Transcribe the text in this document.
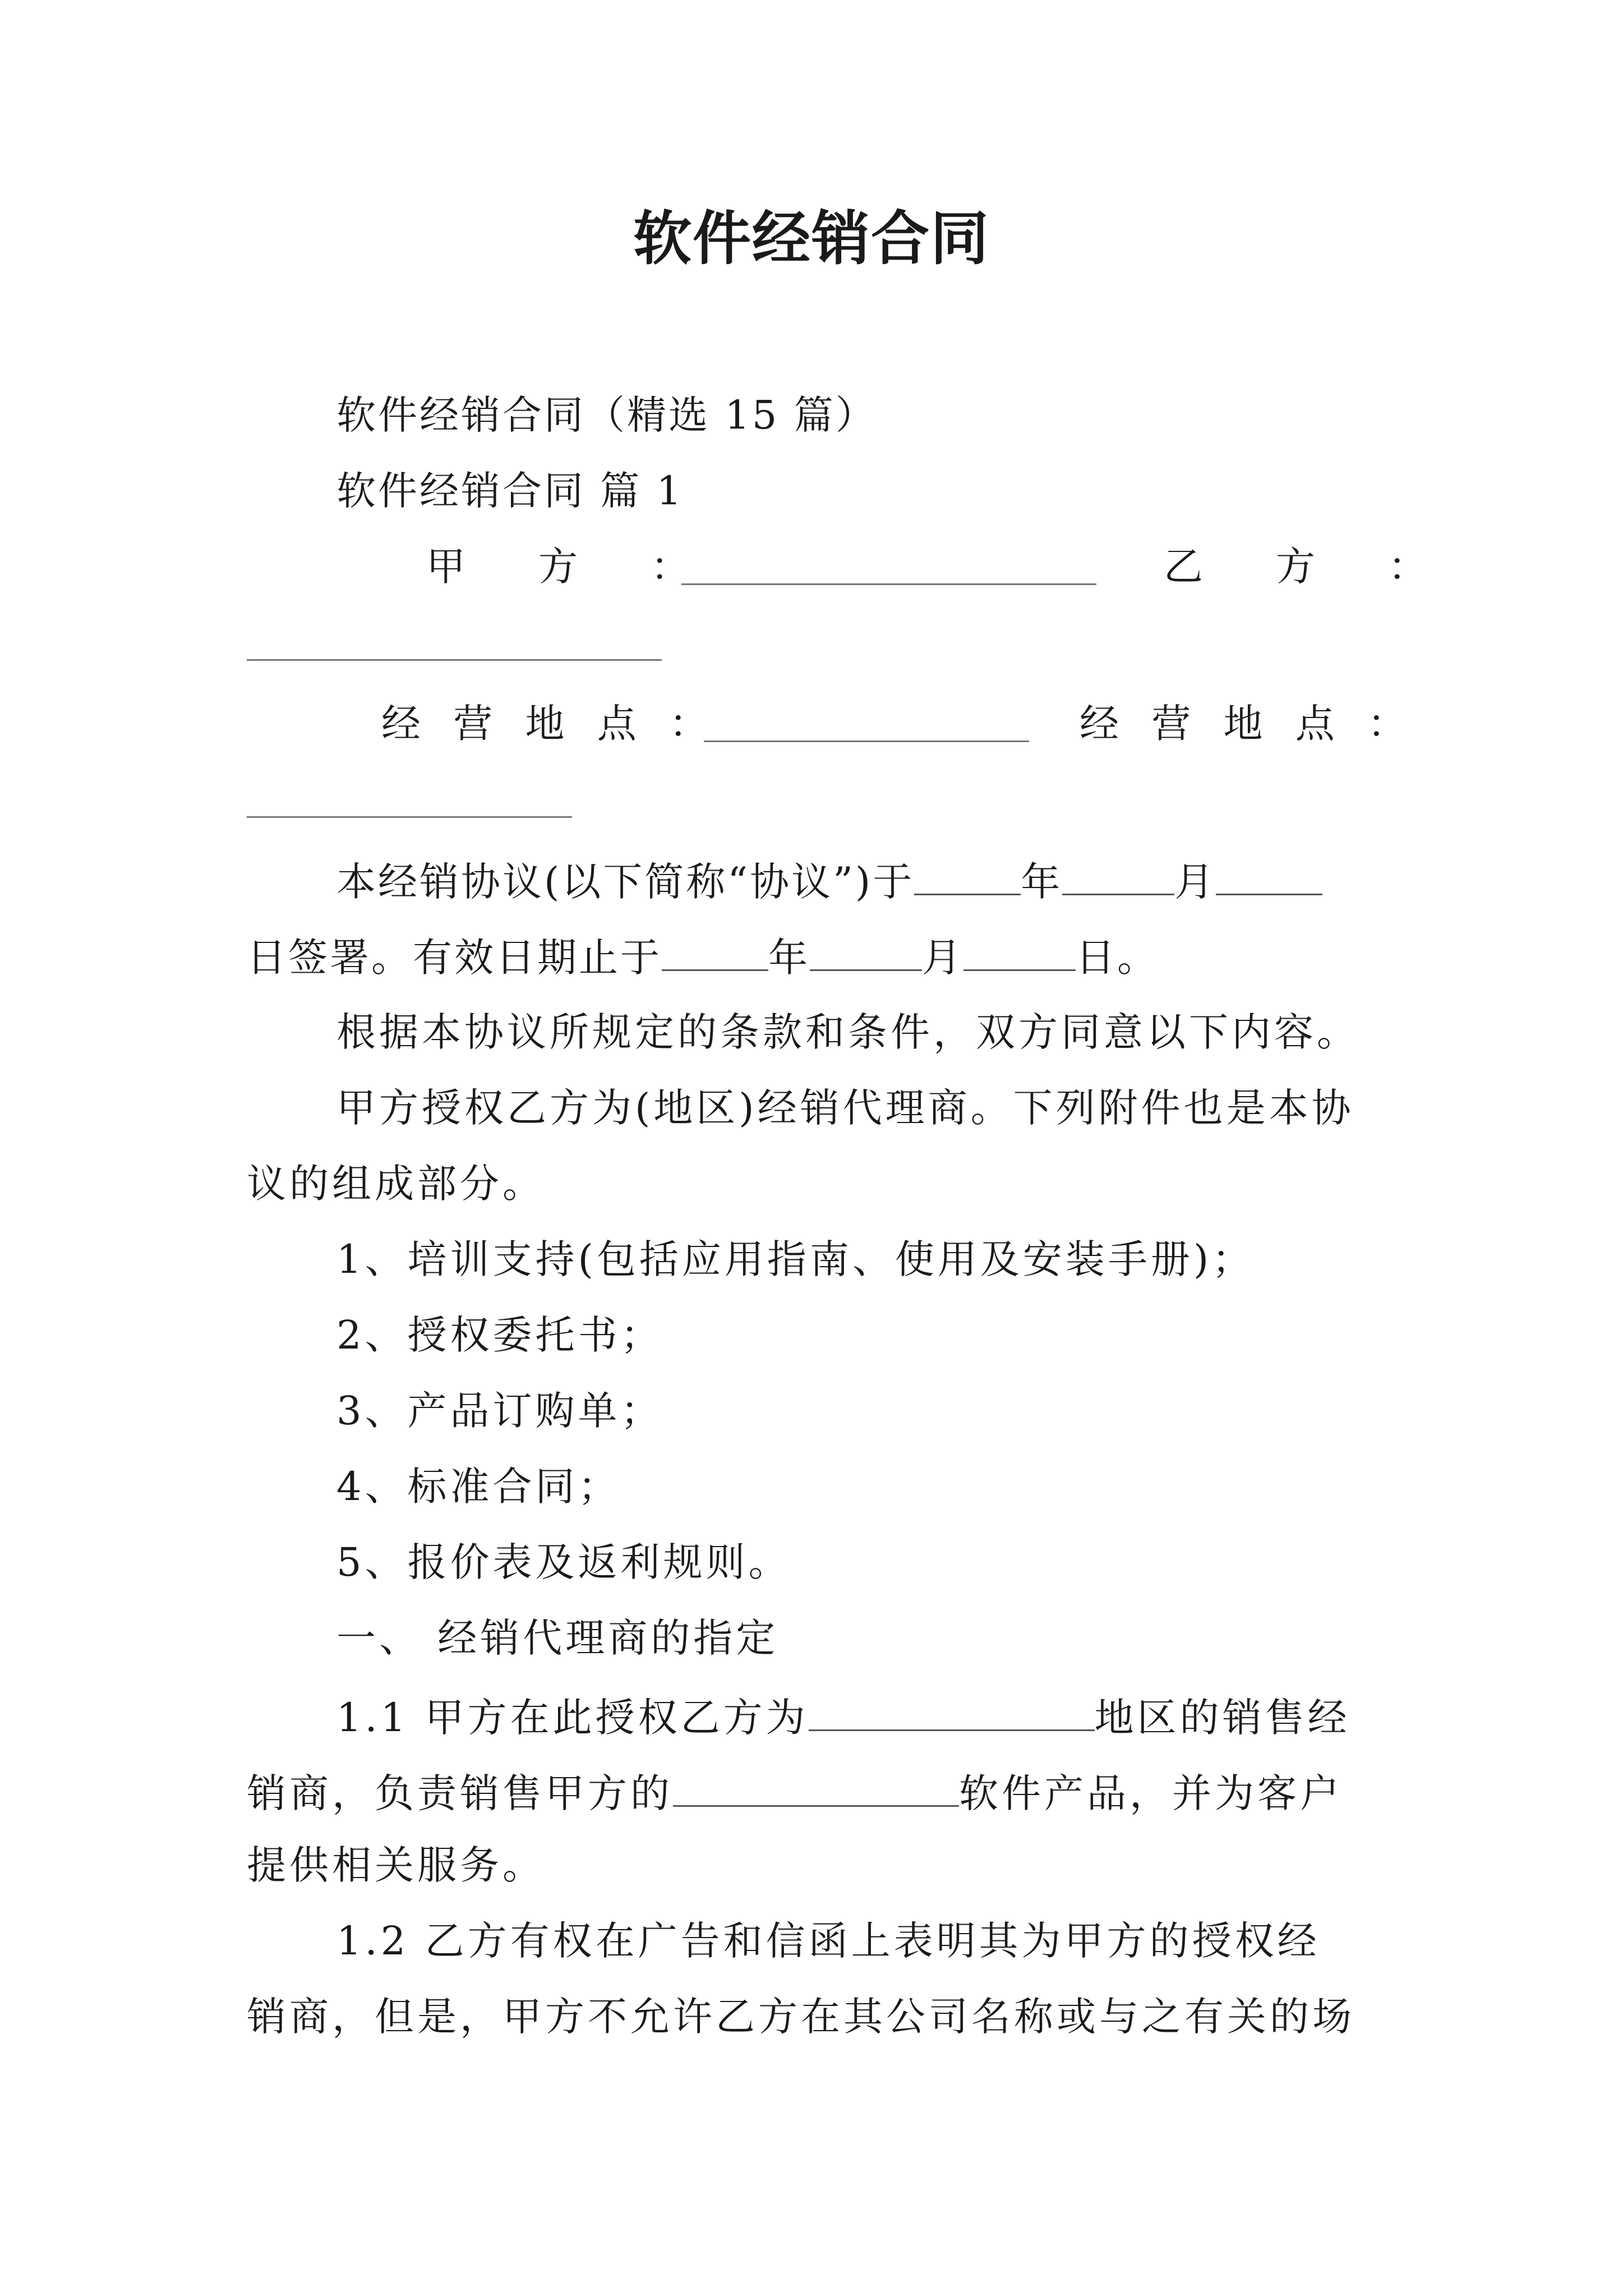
软件经销合同
软件经销合同（精选 15 篇）
软件经销合同 篇 1
甲　方　：	乙　方　：
经 营 地 点 ：	经 营 地 点 ：
本经销协议(以下简称“协议”)于	年	月
日签署。有效日期止于	年	月	日。
根据本协议所规定的条款和条件，双方同意以下内容。
甲方授权乙方为(地区)经销代理商。下列附件也是本协
议的组成部分。
1、培训支持(包括应用指南、使用及安装手册)；
2、授权委托书；
3、产品订购单；
4、标准合同；
5、报价表及返利规则。
一、 经销代理商的指定
1.1 甲方在此授权乙方为	地区的销售经
销商，负责销售甲方的	软件产品，并为客户
提供相关服务。
1.2 乙方有权在广告和信函上表明其为甲方的授权经
销商，但是，甲方不允许乙方在其公司名称或与之有关的场
